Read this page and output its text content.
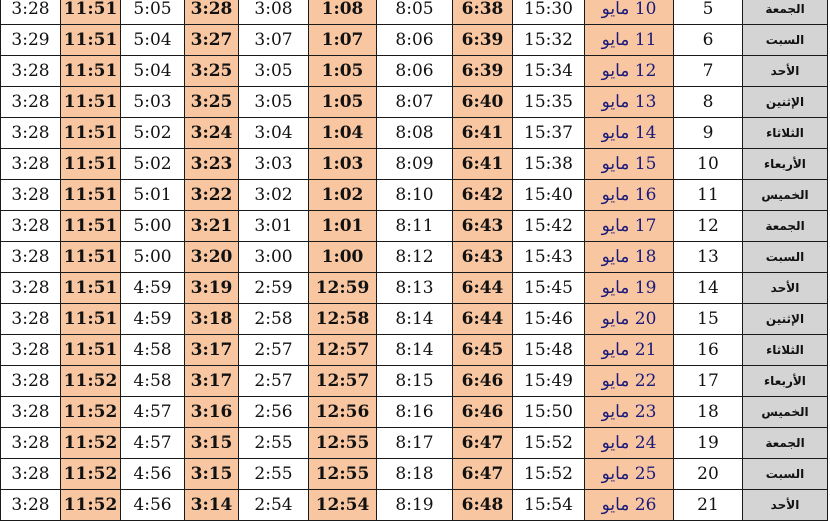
3:28	11:51	5:05	3:28	3:08	1:08	8:05	6:38	15:30	10 مايو	5	الجمعة
3:29	11:51	5:04	3:27	3:07	1:07	8:06	6:39	15:32	11 مايو	6	السبت
3:28	11:51	5:04	3:25	3:05	1:05	8:06	6:39	15:34	12 مايو	7	الأحد
3:28	11:51	5:03	3:25	3:05	1:05	8:07	6:40	15:35	13 مايو	8	الإثنين
3:28	11:51	5:02	3:24	3:04	1:04	8:08	6:41	15:37	14 مايو	9	الثلاثاء
3:28	11:51	5:02	3:23	3:03	1:03	8:09	6:41	15:38	15 مايو	10	الأربعاء
3:28	11:51	5:01	3:22	3:02	1:02	8:10	6:42	15:40	16 مايو	11	الخميس
3:28	11:51	5:00	3:21	3:01	1:01	8:11	6:43	15:42	17 مايو	12	الجمعة
3:28	11:51	5:00	3:20	3:00	1:00	8:12	6:43	15:43	18 مايو	13	السبت
3:28	11:51	4:59	3:19	2:59	12:59	8:13	6:44	15:45	19 مايو	14	الأحد
3:28	11:51	4:59	3:18	2:58	12:58	8:14	6:44	15:46	20 مايو	15	الإثنين
3:28	11:51	4:58	3:17	2:57	12:57	8:14	6:45	15:48	21 مايو	16	الثلاثاء
3:28	11:52	4:58	3:17	2:57	12:57	8:15	6:46	15:49	22 مايو	17	الأربعاء
3:28	11:52	4:57	3:16	2:56	12:56	8:16	6:46	15:50	23 مايو	18	الخميس
3:28	11:52	4:57	3:15	2:55	12:55	8:17	6:47	15:52	24 مايو	19	الجمعة
3:28	11:52	4:56	3:15	2:55	12:55	8:18	6:47	15:52	25 مايو	20	السبت
3:28	11:52	4:56	3:14	2:54	12:54	8:19	6:48	15:54	26 مايو	21	الأحد
